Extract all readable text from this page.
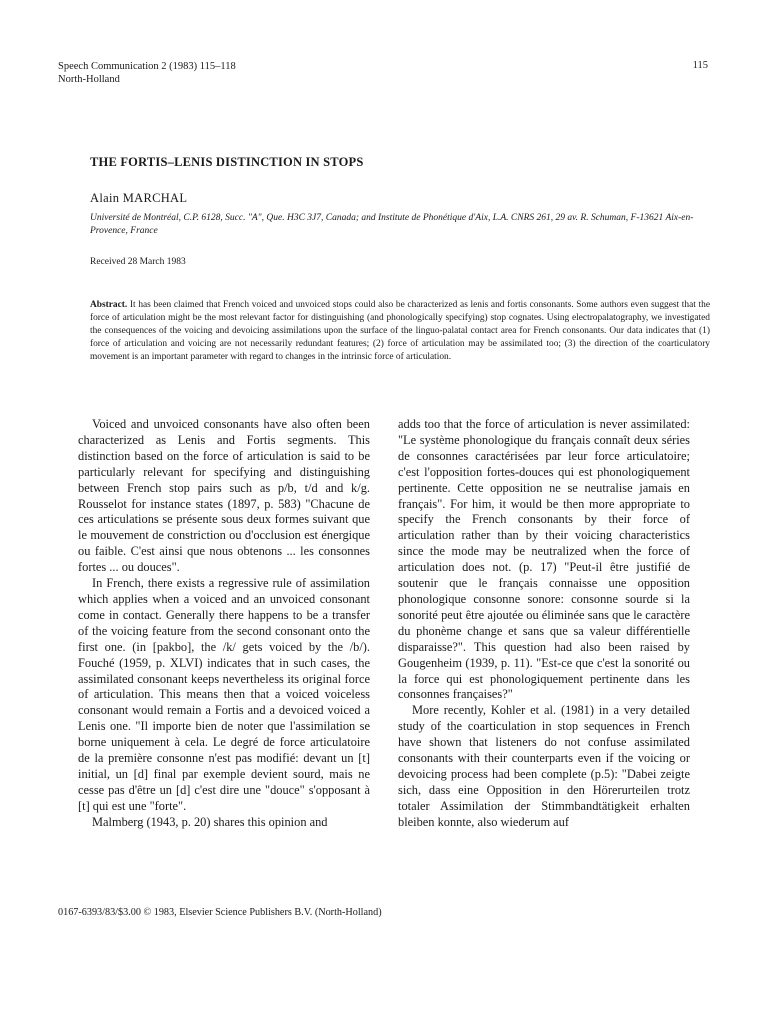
Speech Communication 2 (1983) 115–118
North-Holland
115
THE FORTIS–LENIS DISTINCTION IN STOPS
Alain MARCHAL
Université de Montréal, C.P. 6128, Succ. "A", Que. H3C 3J7, Canada; and Institute de Phonétique d'Aix, L.A. CNRS 261, 29 av. R. Schuman, F-13621 Aix-en-Provence, France
Received 28 March 1983
Abstract. It has been claimed that French voiced and unvoiced stops could also be characterized as lenis and fortis consonants. Some authors even suggest that the force of articulation might be the most relevant factor for distinguishing (and phonologically specifying) stop cognates. Using electropalatography, we investigated the consequences of the voicing and devoicing assimilations upon the surface of the linguo-palatal contact area for French consonants. Our data indicates that (1) force of articulation and voicing are not necessarily redundant features; (2) force of articulation may be assimilated too; (3) the direction of the coarticulatory movement is an important parameter with regard to changes in the intrinsic force of articulation.

Voiced and unvoiced consonants have also often been characterized as Lenis and Fortis segments. This distinction based on the force of articulation is said to be particularly relevant for specifying and distinguishing between French stop pairs such as p/b, t/d and k/g. Rousselot for instance states (1897, p. 583) "Chacune de ces articulations se présente sous deux formes suivant que le mouvement de constriction ou d'occlusion est énergique ou faible. C'est ainsi que nous obtenons ... les consonnes fortes ... ou douces".

In French, there exists a regressive rule of assimilation which applies when a voiced and an unvoiced consonant come in contact. Generally there happens to be a transfer of the voicing feature from the second consonant onto the first one. (in [pakbo], the /k/ gets voiced by the /b/). Fouché (1959, p. XLVI) indicates that in such cases, the assimilated consonant keeps nevertheless its original force of articulation. This means then that a voiced voiceless consonant would remain a Fortis and a devoiced voiced a Lenis one. "Il importe bien de noter que l'assimilation se borne uniquement à cela. Le degré de force articulatoire de la première consonne n'est pas modifié: devant un [t] initial, un [d] final par exemple devient sourd, mais ne cesse pas d'être un [d] c'est dire une "douce" s'opposant à [t] qui est une "forte".

Malmberg (1943, p. 20) shares this opinion and

adds too that the force of articulation is never assimilated: "Le système phonologique du français connaît deux séries de consonnes caractérisées par leur force articulatoire; c'est l'opposition fortes-douces qui est phonologiquement pertinente. Cette opposition ne se neutralise jamais en français". For him, it would be then more appropriate to specify the French consonants by their force of articulation rather than by their voicing characteristics since the mode may be neutralized when the force of articulation does not. (p. 17) "Peut-il être justifié de soutenir que le français connaisse une opposition phonologique consonne sonore: consonne sourde si la sonorité peut être ajoutée ou éliminée sans que le caractère du phonème change et sans que sa valeur différentielle disparaisse?". This question had also been raised by Gougenheim (1939, p. 11). "Est-ce que c'est la sonorité ou la force qui est phonologiquement pertinente dans les consonnes françaises?"

More recently, Kohler et al. (1981) in a very detailed study of the coarticulation in stop sequences in French have shown that listeners do not confuse assimilated consonants with their counterparts even if the voicing or devoicing process had been complete (p.5): "Dabei zeigte sich, dass eine Opposition in den Hörerurteilen trotz totaler Assimilation der Stimmbandtätigkeit erhalten bleiben konnte, also wiederum auf

0167-6393/83/$3.00 © 1983, Elsevier Science Publishers B.V. (North-Holland)
